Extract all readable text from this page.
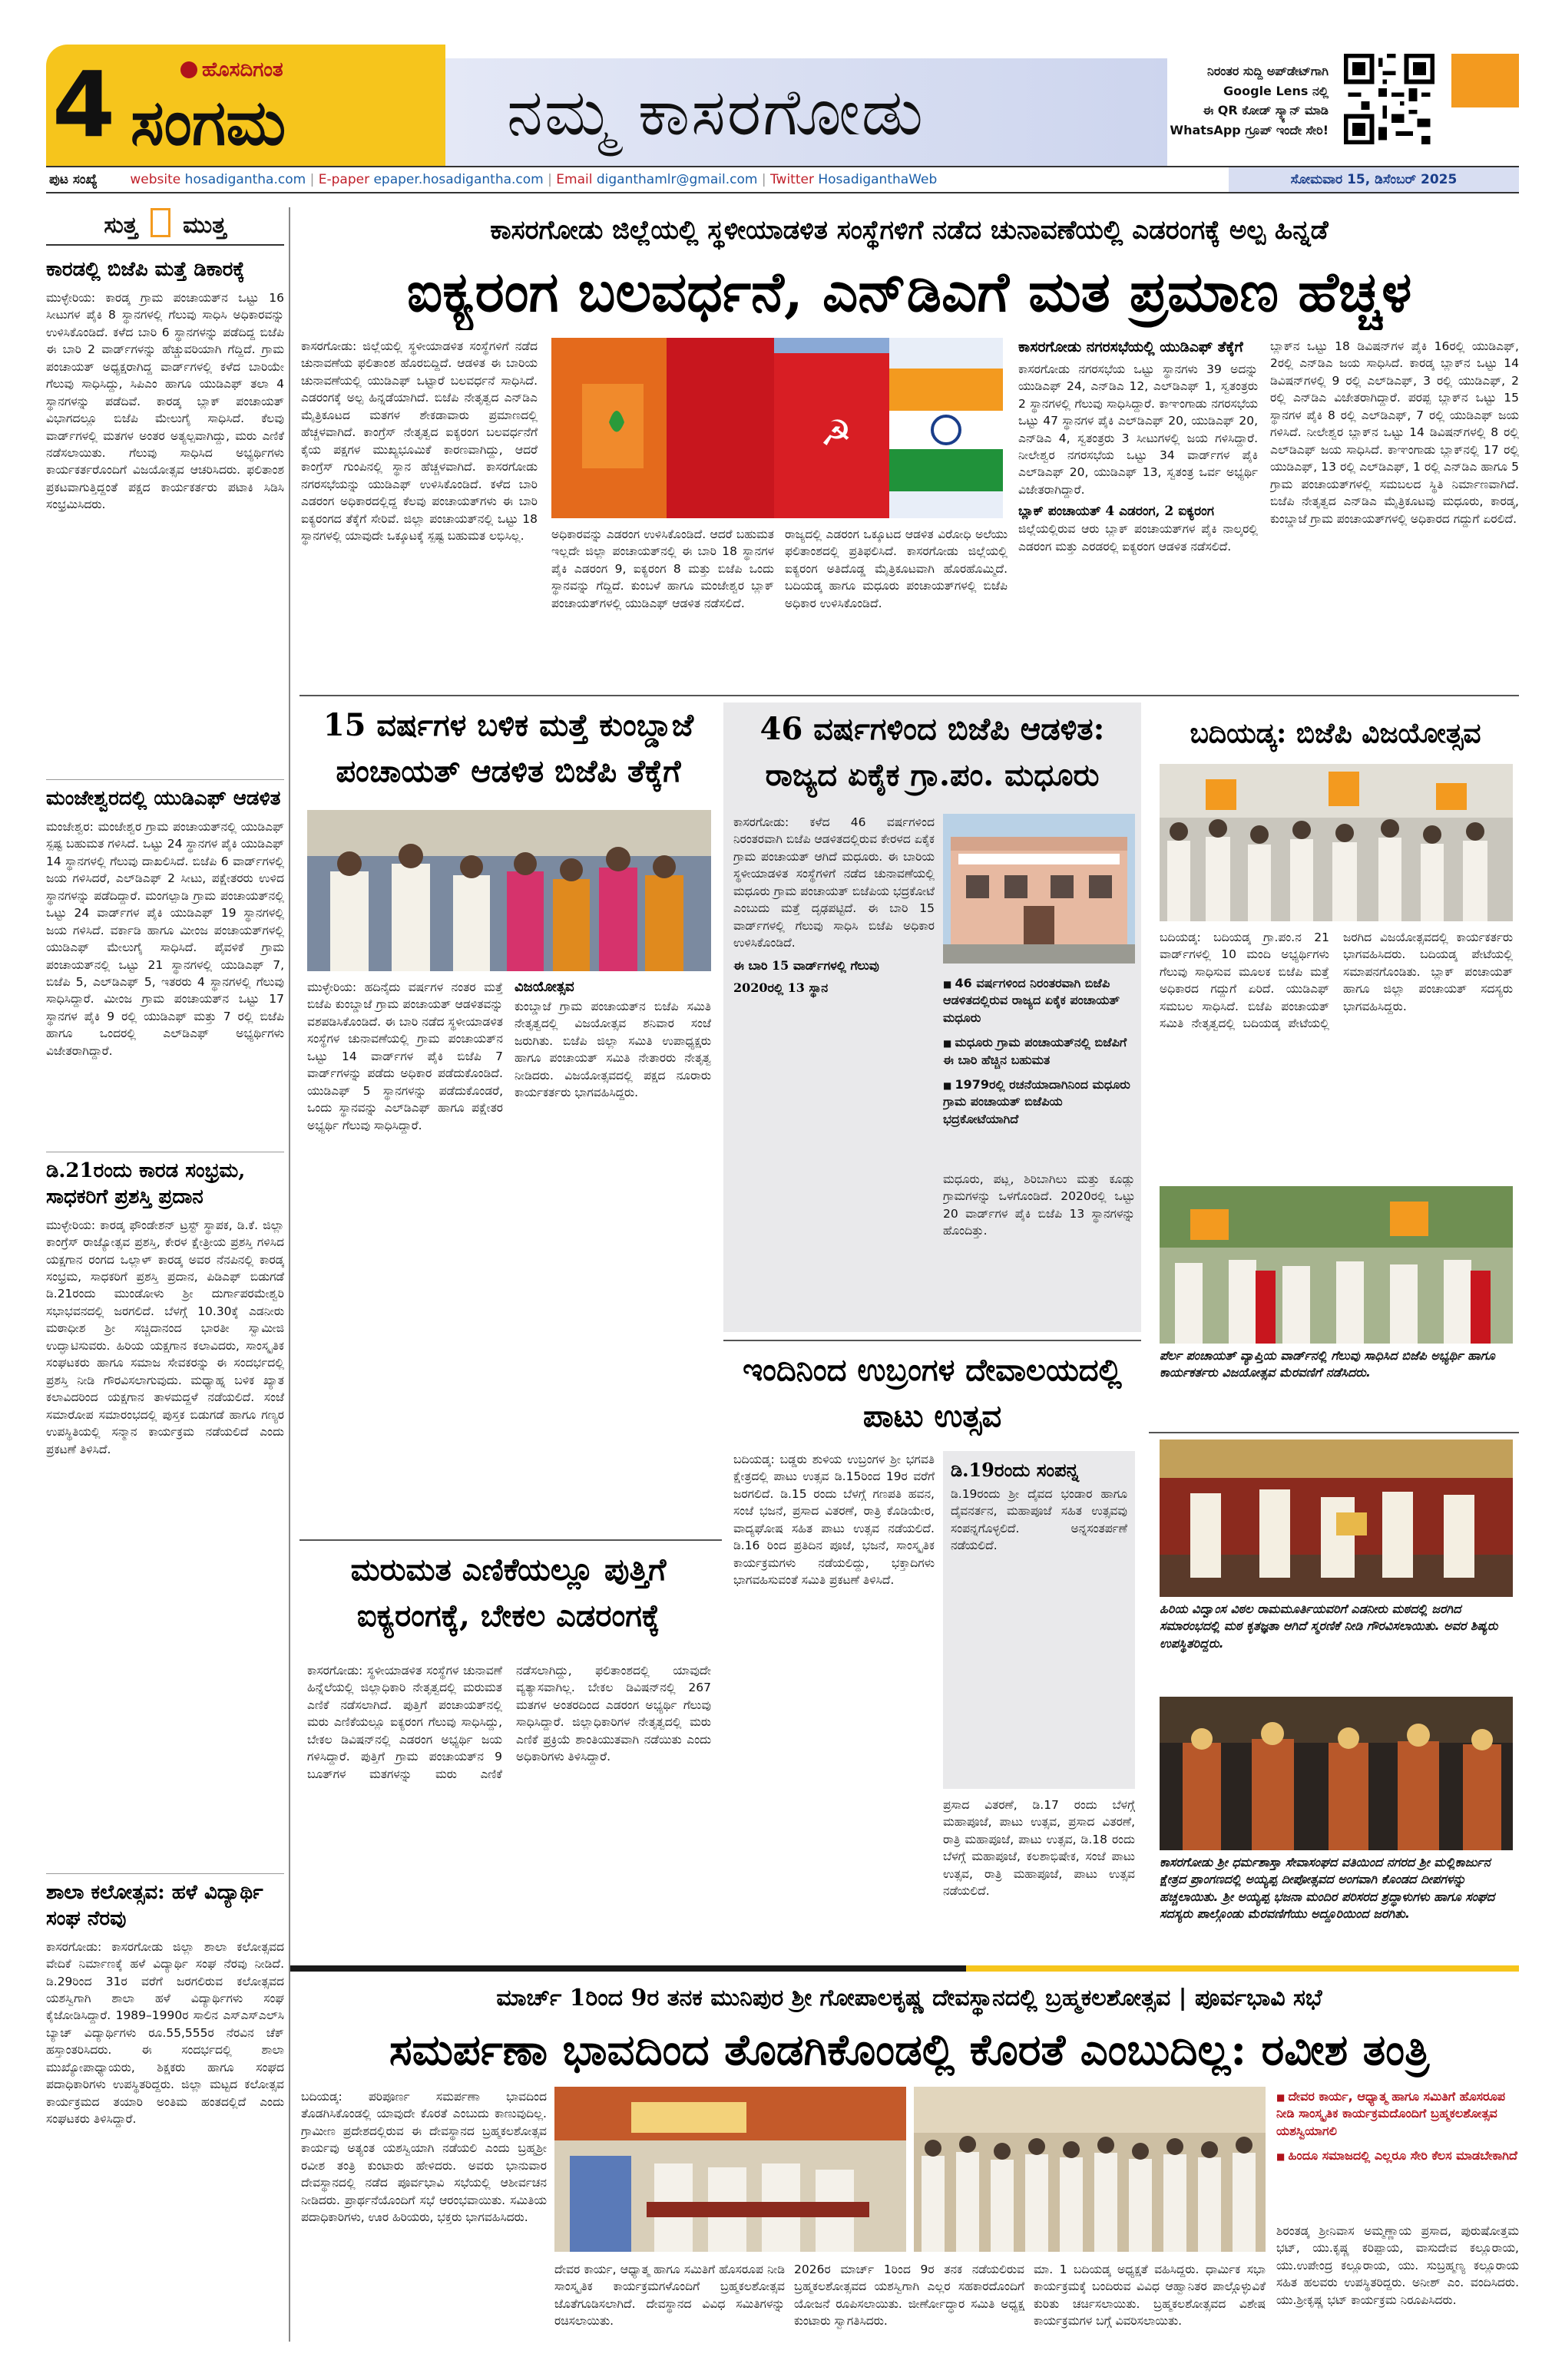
4	ಹೊಸದಿಗಂತ
ಸಂಗಮ	ನಮ್ಮ ಕಾಸರಗೋಡು
ನಿರಂತರ ಸುದ್ದಿ ಅಪ್‌ಡೇಟ್‌ಗಾಗಿ
Google Lens ನಲ್ಲಿ
ಈ QR ಕೋಡ್ ಸ್ಕ್ಯಾನ್ ಮಾಡಿ
WhatsApp ಗ್ರೂಪ್ ಇಂದೇ ಸೇರಿ!
ಪುಟ ಸಂಖ್ಯೆ	website hosadigantha.com | E-paper epaper.hosadigantha.com | Email diganthamlr@gmail.com | Twitter HosadiganthaWeb	ಸೋಮವಾರ 15, ಡಿಸೆಂಬರ್ 2025
ಸುತ್ತ ಮುತ್ತ
ಕಾರಡಲ್ಲಿ ಬಿಜೆಪಿ ಮತ್ತೆ ಡಿಕಾರಕ್ಕೆ
ಮುಳ್ಳೇರಿಯ: ಕಾರಡ್ಕ ಗ್ರಾಮ ಪಂಚಾಯತ್‌ನ ಒಟ್ಟು 16 ಸೀಟುಗಳ ಪೈಕಿ 8 ಸ್ಥಾನಗಳಲ್ಲಿ ಗೆಲುವು ಸಾಧಿಸಿ ಅಧಿಕಾರವನ್ನು ಉಳಿಸಿಕೊಂಡಿದೆ. ಕಳೆದ ಬಾರಿ 6 ಸ್ಥಾನಗಳನ್ನು ಪಡೆದಿದ್ದ ಬಿಜೆಪಿ ಈ ಬಾರಿ 2 ವಾರ್ಡ್‌ಗಳನ್ನು ಹೆಚ್ಚುವರಿಯಾಗಿ ಗೆದ್ದಿದೆ. ಗ್ರಾಮ ಪಂಚಾಯತ್ ಅಧ್ಯಕ್ಷರಾಗಿದ್ದ ವಾರ್ಡ್‌ಗಳಲ್ಲಿ ಕಳೆದ ಬಾರಿಯೇ ಗೆಲುವು ಸಾಧಿಸಿದ್ದು, ಸಿಪಿಎಂ ಹಾಗೂ ಯುಡಿಎಫ್ ತಲಾ 4 ಸ್ಥಾನಗಳನ್ನು ಪಡೆದಿವೆ. ಕಾರಡ್ಕ ಬ್ಲಾಕ್ ಪಂಚಾಯತ್ ವಿಭಾಗದಲ್ಲೂ ಬಿಜೆಪಿ ಮೇಲುಗೈ ಸಾಧಿಸಿದೆ. ಕೆಲವು ವಾರ್ಡ್‌ಗಳಲ್ಲಿ ಮತಗಳ ಅಂತರ ಅತ್ಯಲ್ಪವಾಗಿದ್ದು, ಮರು ಎಣಿಕೆ ನಡೆಸಲಾಯಿತು. ಗೆಲುವು ಸಾಧಿಸಿದ ಅಭ್ಯರ್ಥಿಗಳು ಕಾರ್ಯಕರ್ತರೊಂದಿಗೆ ವಿಜಯೋತ್ಸವ ಆಚರಿಸಿದರು. ಫಲಿತಾಂಶ ಪ್ರಕಟವಾಗುತ್ತಿದ್ದಂತೆ ಪಕ್ಷದ ಕಾರ್ಯಕರ್ತರು ಪಟಾಕಿ ಸಿಡಿಸಿ ಸಂಭ್ರಮಿಸಿದರು.
ಮಂಜೇಶ್ವರದಲ್ಲಿ ಯುಡಿಎಫ್ ಆಡಳಿತ
ಮಂಜೇಶ್ವರ: ಮಂಜೇಶ್ವರ ಗ್ರಾಮ ಪಂಚಾಯತ್‌ನಲ್ಲಿ ಯುಡಿಎಫ್ ಸ್ಪಷ್ಟ ಬಹುಮತ ಗಳಿಸಿದೆ. ಒಟ್ಟು 24 ಸ್ಥಾನಗಳ ಪೈಕಿ ಯುಡಿಎಫ್ 14 ಸ್ಥಾನಗಳಲ್ಲಿ ಗೆಲುವು ದಾಖಲಿಸಿದೆ. ಬಿಜೆಪಿ 6 ವಾರ್ಡ್‌ಗಳಲ್ಲಿ ಜಯ ಗಳಿಸಿದರೆ, ಎಲ್‌ಡಿಎಫ್ 2 ಸೀಟು, ಪಕ್ಷೇತರರು ಉಳಿದ ಸ್ಥಾನಗಳನ್ನು ಪಡೆದಿದ್ದಾರೆ. ಮಂಗಲ್ಪಾಡಿ ಗ್ರಾಮ ಪಂಚಾಯತ್‌ನಲ್ಲಿ ಒಟ್ಟು 24 ವಾರ್ಡ್‌ಗಳ ಪೈಕಿ ಯುಡಿಎಫ್ 19 ಸ್ಥಾನಗಳಲ್ಲಿ ಜಯ ಗಳಿಸಿದೆ. ವರ್ಕಾಡಿ ಹಾಗೂ ಮೀಂಜ ಪಂಚಾಯತ್‌ಗಳಲ್ಲಿ ಯುಡಿಎಫ್ ಮೇಲುಗೈ ಸಾಧಿಸಿದೆ. ಪೈವಳಿಕೆ ಗ್ರಾಮ ಪಂಚಾಯತ್‌ನಲ್ಲಿ ಒಟ್ಟು 21 ಸ್ಥಾನಗಳಲ್ಲಿ ಯುಡಿಎಫ್ 7, ಬಿಜೆಪಿ 5, ಎಲ್‌ಡಿಎಫ್ 5, ಇತರರು 4 ಸ್ಥಾನಗಳಲ್ಲಿ ಗೆಲುವು ಸಾಧಿಸಿದ್ದಾರೆ. ಮೀಂಜ ಗ್ರಾಮ ಪಂಚಾಯತ್‌ನ ಒಟ್ಟು 17 ಸ್ಥಾನಗಳ ಪೈಕಿ 9 ರಲ್ಲಿ ಯುಡಿಎಫ್ ಮತ್ತು 7 ರಲ್ಲಿ ಬಿಜೆಪಿ ಹಾಗೂ ಒಂದರಲ್ಲಿ ಎಲ್‌ಡಿಎಫ್ ಅಭ್ಯರ್ಥಿಗಳು ವಿಜೇತರಾಗಿದ್ದಾರೆ.
ಡಿ.21ರಂದು ಕಾರಡ ಸಂಭ್ರಮ, ಸಾಧಕರಿಗೆ ಪ್ರಶಸ್ತಿ ಪ್ರದಾನ
ಮುಳ್ಳೇರಿಯ: ಕಾರಡ್ಕ ಫೌಂಡೇಶನ್ ಟ್ರಸ್ಟ್ ಸ್ಥಾಪಕ, ಡಿ.ಕೆ. ಜಿಲ್ಲಾ ಕಾಂಗ್ರೆಸ್ ರಾಜ್ಯೋತ್ಸವ ಪ್ರಶಸ್ತಿ, ಕೇರಳ ಕ್ಷೇತ್ರೀಯ ಪ್ರಶಸ್ತಿ ಗಳಿಸಿದ ಯಕ್ಷಗಾನ ರಂಗದ ಒಲ್ಲಾಳ್ ಕಾರಡ್ಕ ಅವರ ನೆನಪಿನಲ್ಲಿ ಕಾರಡ್ಕ ಸಂಭ್ರಮ, ಸಾಧಕರಿಗೆ ಪ್ರಶಸ್ತಿ ಪ್ರದಾನ, ಪಿಡಿಎಫ್ ಬಿಡುಗಡೆ ಡಿ.21ರಂದು ಮುಂಡೋಳು ಶ್ರೀ ದುರ್ಗಾಪರಮೇಶ್ವರಿ ಸಭಾಭವನದಲ್ಲಿ ಜರಗಲಿದೆ. ಬೆಳಗ್ಗೆ 10.30ಕ್ಕೆ ಎಡನೀರು ಮಠಾಧೀಶ ಶ್ರೀ ಸಚ್ಚಿದಾನಂದ ಭಾರತೀ ಸ್ವಾಮೀಜಿ ಉದ್ಘಾಟಿಸುವರು. ಹಿರಿಯ ಯಕ್ಷಗಾನ ಕಲಾವಿದರು, ಸಾಂಸ್ಕೃತಿಕ ಸಂಘಟಕರು ಹಾಗೂ ಸಮಾಜ ಸೇವಕರನ್ನು ಈ ಸಂದರ್ಭದಲ್ಲಿ ಪ್ರಶಸ್ತಿ ನೀಡಿ ಗೌರವಿಸಲಾಗುವುದು. ಮಧ್ಯಾಹ್ನ ಬಳಿಕ ಖ್ಯಾತ ಕಲಾವಿದರಿಂದ ಯಕ್ಷಗಾನ ತಾಳಮದ್ದಳೆ ನಡೆಯಲಿದೆ. ಸಂಜೆ ಸಮಾರೋಪ ಸಮಾರಂಭದಲ್ಲಿ ಪುಸ್ತಕ ಬಿಡುಗಡೆ ಹಾಗೂ ಗಣ್ಯರ ಉಪಸ್ಥಿತಿಯಲ್ಲಿ ಸನ್ಮಾನ ಕಾರ್ಯಕ್ರಮ ನಡೆಯಲಿದೆ ಎಂದು ಪ್ರಕಟಣೆ ತಿಳಿಸಿದೆ.
ಶಾಲಾ ಕಲೋತ್ಸವ: ಹಳೆ ವಿದ್ಯಾರ್ಥಿ ಸಂಘ ನೆರವು
ಕಾಸರಗೋಡು: ಕಾಸರಗೋಡು ಜಿಲ್ಲಾ ಶಾಲಾ ಕಲೋತ್ಸವದ ವೇದಿಕೆ ನಿರ್ಮಾಣಕ್ಕೆ ಹಳೆ ವಿದ್ಯಾರ್ಥಿ ಸಂಘ ನೆರವು ನೀಡಿದೆ. ಡಿ.29ರಿಂದ 31ರ ವರೆಗೆ ಜರಗಲಿರುವ ಕಲೋತ್ಸವದ ಯಶಸ್ವಿಗಾಗಿ ಶಾಲಾ ಹಳೆ ವಿದ್ಯಾರ್ಥಿಗಳು ಸಂಘ ಕೈಜೋಡಿಸಿದ್ದಾರೆ. 1989–1990ರ ಸಾಲಿನ ಎಸ್ಎಸ್ಎಲ್‌ಸಿ ಬ್ಯಾಚ್ ವಿದ್ಯಾರ್ಥಿಗಳು ರೂ.55,555ರ ನೆರವಿನ ಚೆಕ್ ಹಸ್ತಾಂತರಿಸಿದರು. ಈ ಸಂದರ್ಭದಲ್ಲಿ ಶಾಲಾ ಮುಖ್ಯೋಪಾಧ್ಯಾಯರು, ಶಿಕ್ಷಕರು ಹಾಗೂ ಸಂಘದ ಪದಾಧಿಕಾರಿಗಳು ಉಪಸ್ಥಿತರಿದ್ದರು. ಜಿಲ್ಲಾ ಮಟ್ಟದ ಕಲೋತ್ಸವ ಕಾರ್ಯಕ್ರಮದ ತಯಾರಿ ಅಂತಿಮ ಹಂತದಲ್ಲಿದೆ ಎಂದು ಸಂಘಟಕರು ತಿಳಿಸಿದ್ದಾರೆ.
ಕಾಸರಗೋಡು ಜಿಲ್ಲೆಯಲ್ಲಿ ಸ್ಥಳೀಯಾಡಳಿತ ಸಂಸ್ಥೆಗಳಿಗೆ ನಡೆದ ಚುನಾವಣೆಯಲ್ಲಿ ಎಡರಂಗಕ್ಕೆ ಅಲ್ಪ ಹಿನ್ನಡೆ
ಐಕ್ಯರಂಗ ಬಲವರ್ಧನೆ, ಎನ್‌ಡಿಎಗೆ ಮತ ಪ್ರಮಾಣ ಹೆಚ್ಚಳ
ಕಾಸರಗೋಡು: ಜಿಲ್ಲೆಯಲ್ಲಿ ಸ್ಥಳೀಯಾಡಳಿತ ಸಂಸ್ಥೆಗಳಿಗೆ ನಡೆದ ಚುನಾವಣೆಯ ಫಲಿತಾಂಶ ಹೊರಬಿದ್ದಿದೆ. ಆಡಳಿತ ಈ ಬಾರಿಯ ಚುನಾವಣೆಯಲ್ಲಿ ಯುಡಿಎಫ್ ಒಟ್ಟಾರೆ ಬಲವರ್ಧನೆ ಸಾಧಿಸಿದೆ. ಎಡರಂಗಕ್ಕೆ ಅಲ್ಪ ಹಿನ್ನಡೆಯಾಗಿದೆ. ಬಿಜೆಪಿ ನೇತೃತ್ವದ ಎನ್‌ಡಿಎ ಮೈತ್ರಿಕೂಟದ ಮತಗಳ ಶೇಕಡಾವಾರು ಪ್ರಮಾಣದಲ್ಲಿ ಹೆಚ್ಚಳವಾಗಿದೆ. ಕಾಂಗ್ರೆಸ್ ನೇತೃತ್ವದ ಐಕ್ಯರಂಗ ಬಲವರ್ಧನೆಗೆ ಕೈಯ ಪಕ್ಷಗಳ ಮುಖ್ಯಭೂಮಿಕೆ ಕಾರಣವಾಗಿದ್ದು, ಆದರೆ ಕಾಂಗ್ರೆಸ್ ಗುಂಪಿನಲ್ಲಿ ಸ್ಥಾನ ಹೆಚ್ಚಳವಾಗಿದೆ. ಕಾಸರಗೋಡು ನಗರಸಭೆಯನ್ನು ಯುಡಿಎಫ್ ಉಳಿಸಿಕೊಂಡಿದೆ. ಕಳೆದ ಬಾರಿ ಎಡರಂಗ ಅಧಿಕಾರದಲ್ಲಿದ್ದ ಕೆಲವು ಪಂಚಾಯತ್‌ಗಳು ಈ ಬಾರಿ ಐಕ್ಯರಂಗದ ತೆಕ್ಕೆಗೆ ಸೇರಿವೆ. ಜಿಲ್ಲಾ ಪಂಚಾಯತ್‌ನಲ್ಲಿ ಒಟ್ಟು 18 ಸ್ಥಾನಗಳಲ್ಲಿ ಯಾವುದೇ ಒಕ್ಕೂಟಕ್ಕೆ ಸ್ಪಷ್ಟ ಬಹುಮತ ಲಭಿಸಿಲ್ಲ.
☭
ಅಧಿಕಾರವನ್ನು ಎಡರಂಗ ಉಳಿಸಿಕೊಂಡಿದೆ. ಆದರೆ ಬಹುಮತ ಇಲ್ಲದೇ ಜಿಲ್ಲಾ ಪಂಚಾಯತ್‌ನಲ್ಲಿ ಈ ಬಾರಿ 18 ಸ್ಥಾನಗಳ ಪೈಕಿ ಎಡರಂಗ 9, ಐಕ್ಯರಂಗ 8 ಮತ್ತು ಬಿಜೆಪಿ ಒಂದು ಸ್ಥಾನವನ್ನು ಗೆದ್ದಿದೆ. ಕುಂಬಳೆ ಹಾಗೂ ಮಂಜೇಶ್ವರ ಬ್ಲಾಕ್ ಪಂಚಾಯತ್‌ಗಳಲ್ಲಿ ಯುಡಿಎಫ್ ಆಡಳಿತ ನಡೆಸಲಿದೆ.
ರಾಜ್ಯದಲ್ಲಿ ಎಡರಂಗ ಒಕ್ಕೂಟದ ಆಡಳಿತ ವಿರೋಧಿ ಅಲೆಯು ಫಲಿತಾಂಶದಲ್ಲಿ ಪ್ರತಿಫಲಿಸಿದೆ. ಕಾಸರಗೋಡು ಜಿಲ್ಲೆಯಲ್ಲಿ ಐಕ್ಯರಂಗ ಅತಿದೊಡ್ಡ ಮೈತ್ರಿಕೂಟವಾಗಿ ಹೊರಹೊಮ್ಮಿದೆ. ಬದಿಯಡ್ಕ ಹಾಗೂ ಮಧೂರು ಪಂಚಾಯತ್‌ಗಳಲ್ಲಿ ಬಿಜೆಪಿ ಅಧಿಕಾರ ಉಳಿಸಿಕೊಂಡಿದೆ.
ಕಾಸರಗೋಡು ನಗರಸಭೆಯಲ್ಲಿ ಯುಡಿಎಫ್ ತೆಕ್ಕೆಗೆ
ಕಾಸರಗೋಡು ನಗರಸಭೆಯ ಒಟ್ಟು ಸ್ಥಾನಗಳು 39 ಅದನ್ನು ಯುಡಿಎಫ್ 24, ಎನ್‌ಡಿಎ 12, ಎಲ್‌ಡಿಎಫ್ 1, ಸ್ವತಂತ್ರರು 2 ಸ್ಥಾನಗಳಲ್ಲಿ ಗೆಲುವು ಸಾಧಿಸಿದ್ದಾರೆ. ಕಾಞಂಗಾಡು ನಗರಸಭೆಯ ಒಟ್ಟು 47 ಸ್ಥಾನಗಳ ಪೈಕಿ ಎಲ್‌ಡಿಎಫ್ 20, ಯುಡಿಎಫ್ 20, ಎನ್‌ಡಿಎ 4, ಸ್ವತಂತ್ರರು 3 ಸೀಟುಗಳಲ್ಲಿ ಜಯ ಗಳಿಸಿದ್ದಾರೆ. ನೀಲೇಶ್ವರ ನಗರಸಭೆಯ ಒಟ್ಟು 34 ವಾರ್ಡ್‌ಗಳ ಪೈಕಿ ಎಲ್‌ಡಿಎಫ್ 20, ಯುಡಿಎಫ್ 13, ಸ್ವತಂತ್ರ ಒರ್ವ ಅಭ್ಯರ್ಥಿ ವಿಜೇತರಾಗಿದ್ದಾರೆ.
ಬ್ಲಾಕ್ ಪಂಚಾಯತ್ 4 ಎಡರಂಗ, 2 ಐಕ್ಯರಂಗ
ಜಿಲ್ಲೆಯಲ್ಲಿರುವ ಆರು ಬ್ಲಾಕ್ ಪಂಚಾಯತ್‌ಗಳ ಪೈಕಿ ನಾಲ್ಕರಲ್ಲಿ ಎಡರಂಗ ಮತ್ತು ಎರಡರಲ್ಲಿ ಐಕ್ಯರಂಗ ಆಡಳಿತ ನಡೆಸಲಿದೆ.
ಬ್ಲಾಕ್‌ನ ಒಟ್ಟು 18 ಡಿವಿಷನ್‌ಗಳ ಪೈಕಿ 16ರಲ್ಲಿ ಯುಡಿಎಫ್, 2ರಲ್ಲಿ ಎನ್‌ಡಿಎ ಜಯ ಸಾಧಿಸಿದೆ. ಕಾರಡ್ಕ ಬ್ಲಾಕ್‌ನ ಒಟ್ಟು 14 ಡಿವಿಷನ್‌ಗಳಲ್ಲಿ 9 ರಲ್ಲಿ ಎಲ್‌ಡಿಎಫ್, 3 ರಲ್ಲಿ ಯುಡಿಎಫ್, 2 ರಲ್ಲಿ ಎನ್‌ಡಿಎ ವಿಜೇತರಾಗಿದ್ದಾರೆ. ಪರಪ್ಪ ಬ್ಲಾಕ್‌ನ ಒಟ್ಟು 15 ಸ್ಥಾನಗಳ ಪೈಕಿ 8 ರಲ್ಲಿ ಎಲ್‌ಡಿಎಫ್, 7 ರಲ್ಲಿ ಯುಡಿಎಫ್ ಜಯ ಗಳಿಸಿದೆ. ನೀಲೇಶ್ವರ ಬ್ಲಾಕ್‌ನ ಒಟ್ಟು 14 ಡಿವಿಷನ್‌ಗಳಲ್ಲಿ 8 ರಲ್ಲಿ ಎಲ್‌ಡಿಎಫ್ ಜಯ ಸಾಧಿಸಿದೆ. ಕಾಞಂಗಾಡು ಬ್ಲಾಕ್‌ನಲ್ಲಿ 17 ರಲ್ಲಿ ಯುಡಿಎಫ್, 13 ರಲ್ಲಿ ಎಲ್‌ಡಿಎಫ್, 1 ರಲ್ಲಿ ಎನ್‌ಡಿಎ ಹಾಗೂ 5 ಗ್ರಾಮ ಪಂಚಾಯತ್‌ಗಳಲ್ಲಿ ಸಮಬಲದ ಸ್ಥಿತಿ ನಿರ್ಮಾಣವಾಗಿದೆ. ಬಿಜೆಪಿ ನೇತೃತ್ವದ ಎನ್‌ಡಿಎ ಮೈತ್ರಿಕೂಟವು ಮಧೂರು, ಕಾರಡ್ಕ, ಕುಂಬ್ಡಾಜೆ ಗ್ರಾಮ ಪಂಚಾಯತ್‌ಗಳಲ್ಲಿ ಅಧಿಕಾರದ ಗದ್ದುಗೆ ಏರಲಿದೆ.
15 ವರ್ಷಗಳ ಬಳಿಕ ಮತ್ತೆ ಕುಂಬ್ಡಾಜೆ ಪಂಚಾಯತ್ ಆಡಳಿತ ಬಿಜೆಪಿ ತೆಕ್ಕೆಗೆ
ಮುಳ್ಳೇರಿಯ: ಹದಿನೈದು ವರ್ಷಗಳ ನಂತರ ಮತ್ತೆ ಬಿಜೆಪಿ ಕುಂಬ್ಡಾಜೆ ಗ್ರಾಮ ಪಂಚಾಯತ್ ಆಡಳಿತವನ್ನು ವಶಪಡಿಸಿಕೊಂಡಿದೆ. ಈ ಬಾರಿ ನಡೆದ ಸ್ಥಳೀಯಾಡಳಿತ ಸಂಸ್ಥೆಗಳ ಚುನಾವಣೆಯಲ್ಲಿ ಗ್ರಾಮ ಪಂಚಾಯತ್‌ನ ಒಟ್ಟು 14 ವಾರ್ಡ್‌ಗಳ ಪೈಕಿ ಬಿಜೆಪಿ 7 ವಾರ್ಡ್‌ಗಳನ್ನು ಪಡೆದು ಅಧಿಕಾರ ಪಡೆದುಕೊಂಡಿದೆ. ಯುಡಿಎಫ್ 5 ಸ್ಥಾನಗಳನ್ನು ಪಡೆದುಕೊಂಡರೆ, ಒಂದು ಸ್ಥಾನವನ್ನು ಎಲ್‌ಡಿಎಫ್ ಹಾಗೂ ಪಕ್ಷೇತರ ಅಭ್ಯರ್ಥಿ ಗೆಲುವು ಸಾಧಿಸಿದ್ದಾರೆ.
ವಿಜಯೋತ್ಸವ
ಕುಂಬ್ಡಾಜೆ ಗ್ರಾಮ ಪಂಚಾಯತ್‌ನ ಬಿಜೆಪಿ ಸಮಿತಿ ನೇತೃತ್ವದಲ್ಲಿ ವಿಜಯೋತ್ಸವ ಶನಿವಾರ ಸಂಜೆ ಜರುಗಿತು. ಬಿಜೆಪಿ ಜಿಲ್ಲಾ ಸಮಿತಿ ಉಪಾಧ್ಯಕ್ಷರು ಹಾಗೂ ಪಂಚಾಯತ್ ಸಮಿತಿ ನೇತಾರರು ನೇತೃತ್ವ ನೀಡಿದರು. ವಿಜಯೋತ್ಸವದಲ್ಲಿ ಪಕ್ಷದ ನೂರಾರು ಕಾರ್ಯಕರ್ತರು ಭಾಗವಹಿಸಿದ್ದರು.
46 ವರ್ಷಗಳಿಂದ ಬಿಜೆಪಿ ಆಡಳಿತ: ರಾಜ್ಯದ ಏಕೈಕ ಗ್ರಾ.ಪಂ. ಮಧೂರು
ಕಾಸರಗೋಡು: ಕಳೆದ 46 ವರ್ಷಗಳಿಂದ ನಿರಂತರವಾಗಿ ಬಿಜೆಪಿ ಆಡಳಿತದಲ್ಲಿರುವ ಕೇರಳದ ಏಕೈಕ ಗ್ರಾಮ ಪಂಚಾಯತ್ ಆಗಿದೆ ಮಧೂರು. ಈ ಬಾರಿಯ ಸ್ಥಳೀಯಾಡಳಿತ ಸಂಸ್ಥೆಗಳಿಗೆ ನಡೆದ ಚುನಾವಣೆಯಲ್ಲಿ ಮಧೂರು ಗ್ರಾಮ ಪಂಚಾಯತ್ ಬಿಜೆಪಿಯ ಭದ್ರಕೋಟೆ ಎಂಬುದು ಮತ್ತೆ ದೃಢಪಟ್ಟಿದೆ. ಈ ಬಾರಿ 15 ವಾರ್ಡ್‌ಗಳಲ್ಲಿ ಗೆಲುವು ಸಾಧಿಸಿ ಬಿಜೆಪಿ ಅಧಿಕಾರ ಉಳಿಸಿಕೊಂಡಿದೆ.
ಈ ಬಾರಿ 15 ವಾರ್ಡ್‌ಗಳಲ್ಲಿ ಗೆಲುವು
2020ರಲ್ಲಿ 13 ಸ್ಥಾನ
■	46 ವರ್ಷಗಳಿಂದ ನಿರಂತರವಾಗಿ ಬಿಜೆಪಿ ಆಡಳಿತದಲ್ಲಿರುವ ರಾಜ್ಯದ ಏಕೈಕ ಪಂಚಾಯತ್ ಮಧೂರು
■ ಮಧೂರು ಗ್ರಾಮ ಪಂಚಾಯತ್‌ನಲ್ಲಿ ಬಿಜೆಪಿಗೆ ಈ ಬಾರಿ ಹೆಚ್ಚಿನ ಬಹುಮತ
■ 1979ರಲ್ಲಿ ರಚನೆಯಾದಾಗಿನಿಂದ ಮಧೂರು ಗ್ರಾಮ ಪಂಚಾಯತ್ ಬಿಜೆಪಿಯ ಭದ್ರಕೋಟೆಯಾಗಿದೆ
ಮಧೂರು, ಪಟ್ಲ, ಶಿರಿಬಾಗಿಲು ಮತ್ತು ಕೂಡ್ಲು ಗ್ರಾಮಗಳನ್ನು ಒಳಗೊಂಡಿದೆ. 2020ರಲ್ಲಿ ಒಟ್ಟು 20 ವಾರ್ಡ್‌ಗಳ ಪೈಕಿ ಬಿಜೆಪಿ 13 ಸ್ಥಾನಗಳನ್ನು ಹೊಂದಿತ್ತು.
ಬದಿಯಡ್ಕ: ಬಿಜೆಪಿ ವಿಜಯೋತ್ಸವ
ಬದಿಯಡ್ಕ: ಬದಿಯಡ್ಕ ಗ್ರಾ.ಪಂ.ನ 21 ವಾರ್ಡ್‌ಗಳಲ್ಲಿ 10 ಮಂದಿ ಅಭ್ಯರ್ಥಿಗಳು ಗೆಲುವು ಸಾಧಿಸುವ ಮೂಲಕ ಬಿಜೆಪಿ ಮತ್ತೆ ಅಧಿಕಾರದ ಗದ್ದುಗೆ ಏರಿದೆ. ಯುಡಿಎಫ್ ಸಮಬಲ ಸಾಧಿಸಿದೆ. ಬಿಜೆಪಿ ಪಂಚಾಯತ್ ಸಮಿತಿ ನೇತೃತ್ವದಲ್ಲಿ ಬದಿಯಡ್ಕ ಪೇಟೆಯಲ್ಲಿ ಜರಗಿದ ವಿಜಯೋತ್ಸವದಲ್ಲಿ ಕಾರ್ಯಕರ್ತರು ಭಾಗವಹಿಸಿದರು. ಬದಿಯಡ್ಕ ಪೇಟೆಯಲ್ಲಿ ಸಮಾಪನಗೊಂಡಿತು. ಬ್ಲಾಕ್ ಪಂಚಾಯತ್ ಹಾಗೂ ಜಿಲ್ಲಾ ಪಂಚಾಯತ್ ಸದಸ್ಯರು ಭಾಗವಹಿಸಿದ್ದರು.
ಪೆರ್ಲ ಪಂಚಾಯತ್ ವ್ಯಾಪ್ತಿಯ ವಾರ್ಡ್‌ನಲ್ಲಿ ಗೆಲುವು ಸಾಧಿಸಿದ ಬಿಜೆಪಿ ಅಭ್ಯರ್ಥಿ ಹಾಗೂ ಕಾರ್ಯಕರ್ತರು ವಿಜಯೋತ್ಸವ ಮೆರವಣಿಗೆ ನಡೆಸಿದರು.
ಮರುಮತ ಎಣಿಕೆಯಲ್ಲೂ ಪುತ್ತಿಗೆ ಐಕ್ಯರಂಗಕ್ಕೆ, ಬೇಕಲ ಎಡರಂಗಕ್ಕೆ
ಕಾಸರಗೋಡು: ಸ್ಥಳೀಯಾಡಳಿತ ಸಂಸ್ಥೆಗಳ ಚುನಾವಣೆ ಹಿನ್ನೆಲೆಯಲ್ಲಿ ಜಿಲ್ಲಾಧಿಕಾರಿ ನೇತೃತ್ವದಲ್ಲಿ ಮರುಮತ ಎಣಿಕೆ ನಡೆಸಲಾಗಿದೆ. ಪುತ್ತಿಗೆ ಪಂಚಾಯತ್‌ನಲ್ಲಿ ಮರು ಎಣಿಕೆಯಲ್ಲೂ ಐಕ್ಯರಂಗ ಗೆಲುವು ಸಾಧಿಸಿದ್ದು, ಬೇಕಲ ಡಿವಿಷನ್‌ನಲ್ಲಿ ಎಡರಂಗ ಅಭ್ಯರ್ಥಿ ಜಯ ಗಳಿಸಿದ್ದಾರೆ. ಪುತ್ತಿಗೆ ಗ್ರಾಮ ಪಂಚಾಯತ್‌ನ 9 ಬೂತ್‌ಗಳ ಮತಗಳನ್ನು ಮರು ಎಣಿಕೆ ನಡೆಸಲಾಗಿದ್ದು, ಫಲಿತಾಂಶದಲ್ಲಿ ಯಾವುದೇ ವ್ಯತ್ಯಾಸವಾಗಿಲ್ಲ. ಬೇಕಲ ಡಿವಿಷನ್‌ನಲ್ಲಿ 267 ಮತಗಳ ಅಂತರದಿಂದ ಎಡರಂಗ ಅಭ್ಯರ್ಥಿ ಗೆಲುವು ಸಾಧಿಸಿದ್ದಾರೆ. ಜಿಲ್ಲಾಧಿಕಾರಿಗಳ ನೇತೃತ್ವದಲ್ಲಿ ಮರು ಎಣಿಕೆ ಪ್ರಕ್ರಿಯೆ ಶಾಂತಿಯುತವಾಗಿ ನಡೆಯಿತು ಎಂದು ಅಧಿಕಾರಿಗಳು ತಿಳಿಸಿದ್ದಾರೆ.
ಇಂದಿನಿಂದ ಉಬ್ರಂಗಳ ದೇವಾಲಯದಲ್ಲಿ ಪಾಟು ಉತ್ಸವ
ಬದಿಯಡ್ಕ: ಬಡ್ಡರು ಶುಳಿಯ ಉಬ್ರಂಗಳ ಶ್ರೀ ಭಗವತಿ ಕ್ಷೇತ್ರದಲ್ಲಿ ಪಾಟು ಉತ್ಸವ ಡಿ.15ರಿಂದ 19ರ ವರೆಗೆ ಜರಗಲಿದೆ. ಡಿ.15 ರಂದು ಬೆಳಗ್ಗೆ ಗಣಪತಿ ಹವನ, ಸಂಜೆ ಭಜನೆ, ಪ್ರಸಾದ ವಿತರಣೆ, ರಾತ್ರಿ ಕೊಡಿಯೇರ, ವಾದ್ಯಘೋಷ ಸಹಿತ ಪಾಟು ಉತ್ಸವ ನಡೆಯಲಿದೆ. ಡಿ.16 ರಿಂದ ಪ್ರತಿದಿನ ಪೂಜೆ, ಭಜನೆ, ಸಾಂಸ್ಕೃತಿಕ ಕಾರ್ಯಕ್ರಮಗಳು ನಡೆಯಲಿದ್ದು, ಭಕ್ತಾದಿಗಳು ಭಾಗವಹಿಸುವಂತೆ ಸಮಿತಿ ಪ್ರಕಟಣೆ ತಿಳಿಸಿದೆ.
ಡಿ.19ರಂದು ಸಂಪನ್ನ
ಡಿ.19ರಂದು ಶ್ರೀ ದೈವದ ಭಂಡಾರ ಹಾಗೂ ದೈವನರ್ತನ, ಮಹಾಪೂಜೆ ಸಹಿತ ಉತ್ಸವವು ಸಂಪನ್ನಗೊಳ್ಳಲಿದೆ. ಅನ್ನಸಂತರ್ಪಣೆ ನಡೆಯಲಿದೆ.
ಪ್ರಸಾದ ವಿತರಣೆ, ಡಿ.17 ರಂದು ಬೆಳಗ್ಗೆ ಮಹಾಪೂಜೆ, ಪಾಟು ಉತ್ಸವ, ಪ್ರಸಾದ ವಿತರಣೆ, ರಾತ್ರಿ ಮಹಾಪೂಜೆ, ಪಾಟು ಉತ್ಸವ, ಡಿ.18 ರಂದು ಬೆಳಗ್ಗೆ ಮಹಾಪೂಜೆ, ಕಲಶಾಭಿಷೇಕ, ಸಂಜೆ ಪಾಟು ಉತ್ಸವ, ರಾತ್ರಿ ಮಹಾಪೂಜೆ, ಪಾಟು ಉತ್ಸವ ನಡೆಯಲಿದೆ.
ಹಿರಿಯ ವಿದ್ವಾಂಸ ವಿಠಲ ರಾಮಮೂರ್ತಿಯವರಿಗೆ ಎಡನೀರು ಮಠದಲ್ಲಿ ಜರಗಿದ ಸಮಾರಂಭದಲ್ಲಿ ಮಠ ಕೃತಜ್ಞತಾ ಆಗಿದೆ ಸ್ಮರಣಿಕೆ ನೀಡಿ ಗೌರವಿಸಲಾಯಿತು. ಅವರ ಶಿಷ್ಯರು ಉಪಸ್ಥಿತರಿದ್ದರು.
ಕಾಸರಗೋಡು ಶ್ರೀ ಧರ್ಮಶಾಸ್ತಾ ಸೇವಾಸಂಘದ ವತಿಯಿಂದ ನಗರದ ಶ್ರೀ ಮಲ್ಲಿಕಾರ್ಜುನ ಕ್ಷೇತ್ರದ ಪ್ರಾಂಗಣದಲ್ಲಿ ಅಯ್ಯಪ್ಪ ದೀಪೋತ್ಸವದ ಅಂಗವಾಗಿ ಕೊಂಡದ ದೀಪಗಳನ್ನು ಹಚ್ಚಲಾಯಿತು. ಶ್ರೀ ಅಯ್ಯಪ್ಪ ಭಜನಾ ಮಂದಿರ ಪರಿಸರದ ಶ್ರದ್ಧಾಳುಗಳು ಹಾಗೂ ಸಂಘದ ಸದಸ್ಯರು ಪಾಲ್ಗೊಂಡು ಮೆರವಣಿಗೆಯು ಅದ್ದೂರಿಯಿಂದ ಜರಗಿತು.
ಮಾರ್ಚ್ 1ರಿಂದ 9ರ ತನಕ ಮುನಿಪುರ ಶ್ರೀ ಗೋಪಾಲಕೃಷ್ಣ ದೇವಸ್ಥಾನದಲ್ಲಿ ಬ್ರಹ್ಮಕಲಶೋತ್ಸವ | ಪೂರ್ವಭಾವಿ ಸಭೆ
ಸಮರ್ಪಣಾ ಭಾವದಿಂದ ತೊಡಗಿಕೊಂಡಲ್ಲಿ ಕೊರತೆ ಎಂಬುದಿಲ್ಲ: ರವೀಶ ತಂತ್ರಿ
ಬದಿಯಡ್ಕ: ಪರಿಪೂರ್ಣ ಸಮರ್ಪಣಾ ಭಾವದಿಂದ ತೊಡಗಿಸಿಕೊಂಡಲ್ಲಿ ಯಾವುದೇ ಕೊರತೆ ಎಂಬುದು ಕಾಣುವುದಿಲ್ಲ. ಗ್ರಾಮೀಣ ಪ್ರದೇಶದಲ್ಲಿರುವ ಈ ದೇವಸ್ಥಾನದ ಬ್ರಹ್ಮಕಲಶೋತ್ಸವ ಕಾರ್ಯವು ಅತ್ಯಂತ ಯಶಸ್ವಿಯಾಗಿ ನಡೆಯಲಿ ಎಂದು ಬ್ರಹ್ಮಶ್ರೀ ರವೀಶ ತಂತ್ರಿ ಕುಂಟಾರು ಹೇಳಿದರು. ಅವರು ಭಾನುವಾರ ದೇವಸ್ಥಾನದಲ್ಲಿ ನಡೆದ ಪೂರ್ವಭಾವಿ ಸಭೆಯಲ್ಲಿ ಆಶೀರ್ವಚನ ನೀಡಿದರು. ಪ್ರಾರ್ಥನೆಯೊಂದಿಗೆ ಸಭೆ ಆರಂಭವಾಯಿತು. ಸಮಿತಿಯ ಪದಾಧಿಕಾರಿಗಳು, ಊರ ಹಿರಿಯರು, ಭಕ್ತರು ಭಾಗವಹಿಸಿದರು.
ದೇವರ ಕಾರ್ಯ, ಆಧ್ಯಾತ್ಮ ಹಾಗೂ ಸಮಿತಿಗೆ ಹೊಸರೂಪ ನೀಡಿ ಸಾಂಸ್ಕೃತಿಕ ಕಾರ್ಯಕ್ರಮಗಳೊಂದಿಗೆ ಬ್ರಹ್ಮಕಲಶೋತ್ಸವ ಜೊತೆಗೂಡಿಸಲಾಗಿದೆ. ದೇವಸ್ಥಾನದ ವಿವಿಧ ಸಮಿತಿಗಳನ್ನು ರಚಿಸಲಾಯಿತು.
2026ರ ಮಾರ್ಚ್ 1ರಿಂದ 9ರ ತನಕ ನಡೆಯಲಿರುವ ಬ್ರಹ್ಮಕಲಶೋತ್ಸವದ ಯಶಸ್ವಿಗಾಗಿ ಎಲ್ಲರ ಸಹಕಾರದೊಂದಿಗೆ ಯೋಜನೆ ರೂಪಿಸಲಾಯಿತು. ಜೀರ್ಣೋದ್ಧಾರ ಸಮಿತಿ ಅಧ್ಯಕ್ಷ ಕುಂಟಾರು ಸ್ವಾಗತಿಸಿದರು.
ಮಾ. 1 ಬದಿಯಡ್ಕ ಅಧ್ಯಕ್ಷತೆ ವಹಿಸಿದ್ದರು. ಧಾರ್ಮಿಕ ಸಭಾ ಕಾರ್ಯಕ್ರಮಕ್ಕೆ ಬಂದಿರುವ ವಿವಿಧ ಆಹ್ವಾನಿತರ ಪಾಲ್ಗೊಳ್ಳುವಿಕೆ ಕುರಿತು ಚರ್ಚಿಸಲಾಯಿತು. ಬ್ರಹ್ಮಕಲಶೋತ್ಸವದ ವಿಶೇಷ ಕಾರ್ಯಕ್ರಮಗಳ ಬಗ್ಗೆ ವಿವರಿಸಲಾಯಿತು.
■ ದೇವರ ಕಾರ್ಯ, ಆಧ್ಯಾತ್ಮ ಹಾಗೂ ಸಮಿತಿಗೆ ಹೊಸರೂಪ ನೀಡಿ ಸಾಂಸ್ಕೃತಿಕ ಕಾರ್ಯಕ್ರಮದೊಂದಿಗೆ ಬ್ರಹ್ಮಕಲಶೋತ್ಸವ ಯಶಸ್ವಿಯಾಗಲಿ
■ ಹಿಂದೂ ಸಮಾಜದಲ್ಲಿ ಎಲ್ಲರೂ ಸೇರಿ ಕೆಲಸ ಮಾಡಬೇಕಾಗಿದೆ
ಶಿರಂತಡ್ಕ ಶ್ರೀನಿವಾಸ ಅಮ್ಮಣ್ಣಾಯ ಪ್ರಸಾದ, ಪುರುಷೋತ್ತಮ ಭಟ್, ಯು.ಕೃಷ್ಣ ಕರಿಪ್ಪಾಯ, ವಾಸುದೇವ ಕಲ್ಲೂರಾಯ, ಯು.ಉಪೇಂದ್ರ ಕಲ್ಲೂರಾಯ, ಯು. ಸುಬ್ರಹ್ಮಣ್ಯ ಕಲ್ಲೂರಾಯ ಸಹಿತ ಹಲವರು ಉಪಸ್ಥಿತರಿದ್ದರು. ಅನೀಶ್ ಎಂ. ವಂದಿಸಿದರು. ಯು.ಶ್ರೀಕೃಷ್ಣ ಭಟ್ ಕಾರ್ಯಕ್ರಮ ನಿರೂಪಿಸಿದರು.
